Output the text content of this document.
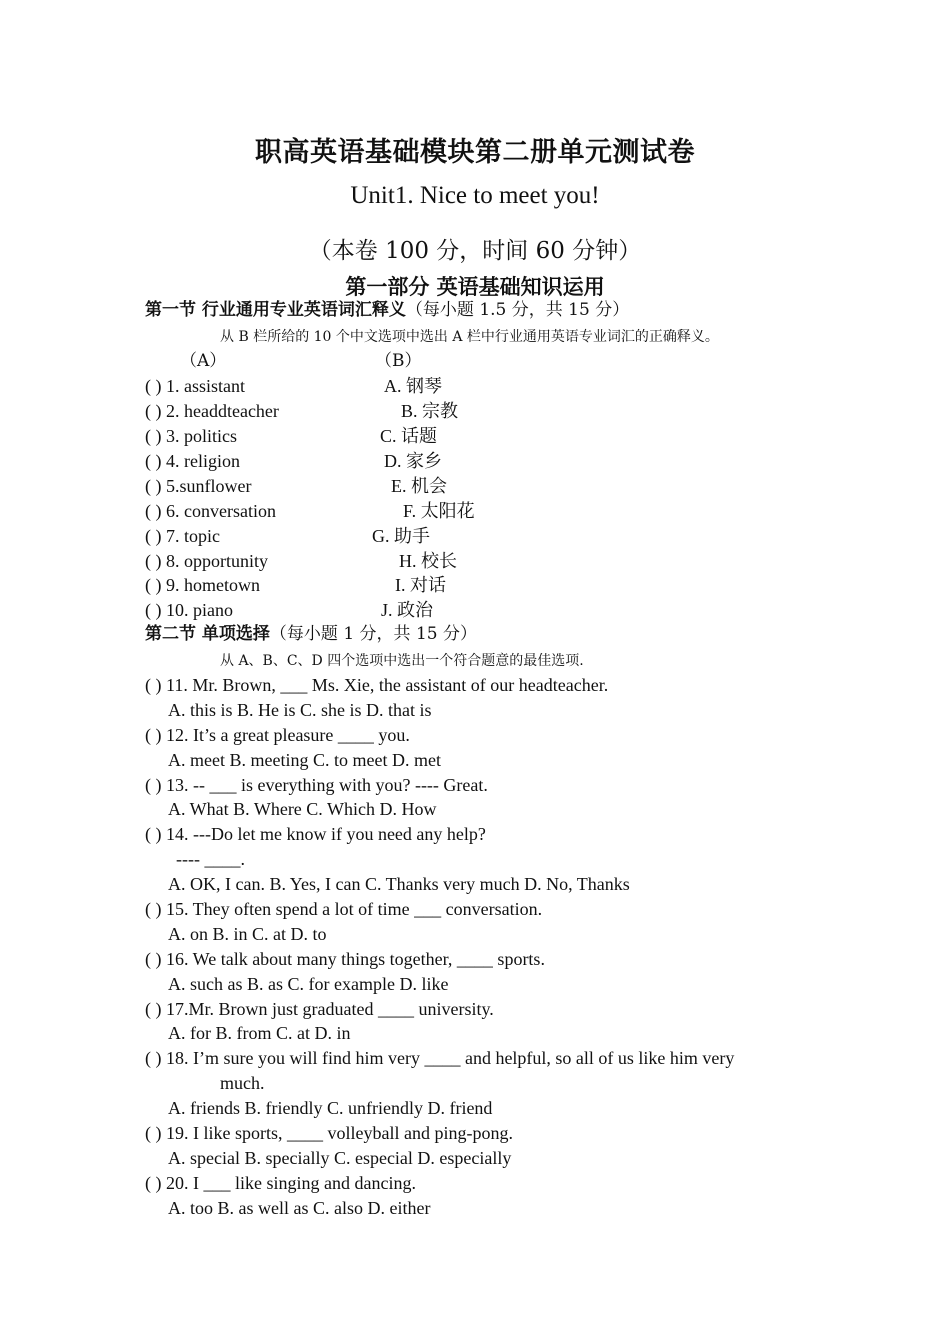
职高英语基础模块第二册单元测试卷
Unit1. Nice to meet you!
（本卷 100 分，时间 60 分钟）
第一部分 英语基础知识运用
第一节 行业通用专业英语词汇释义（每小题 1.5 分，共 15 分）
从 B 栏所给的 10 个中文选项中选出 A 栏中行业通用英语专业词汇的正确释义。
（A）	（B）
( ) 1. assistant
( ) 2. headdteacher
( ) 3. politics
( ) 4. religion
( ) 5.sunflower
( ) 6. conversation
( ) 7. topic
( ) 8. opportunity
( ) 9. hometown
( ) 10. piano
A. 钢琴
B. 宗教
C. 话题
D. 家乡
E. 机会
F. 太阳花
G. 助手
H. 校长
I. 对话
J. 政治
第二节 单项选择（每小题 1 分，共 15 分）
从 A、B、C、D 四个选项中选出一个符合题意的最佳选项.
( ) 11. Mr. Brown, ___ Ms. Xie, the assistant of our headteacher.
A. this is B. He is C. she is D. that is
( ) 12. It’s a great pleasure ____ you.
A. meet B. meeting C. to meet D. met
( ) 13. -- ___ is everything with you? ---- Great.
A. What B. Where C. Which D. How
( ) 14. ---Do let me know if you need any help?
---- ____.
A. OK, I can. B. Yes, I can C. Thanks very much D. No, Thanks
( ) 15. They often spend a lot of time ___ conversation.
A. on B. in C. at D. to
( ) 16. We talk about many things together, ____ sports.
A. such as B. as C. for example D. like
( ) 17.Mr. Brown just graduated ____ university.
A. for B. from C. at D. in
( ) 18. I’m sure you will find him very ____ and helpful, so all of us like him very
much.
A. friends B. friendly C. unfriendly D. friend
( ) 19. I like sports, ____ volleyball and ping-pong.
A. special B. specially C. especial D. especially
( ) 20. I ___ like singing and dancing.
A. too B. as well as C. also D. either
